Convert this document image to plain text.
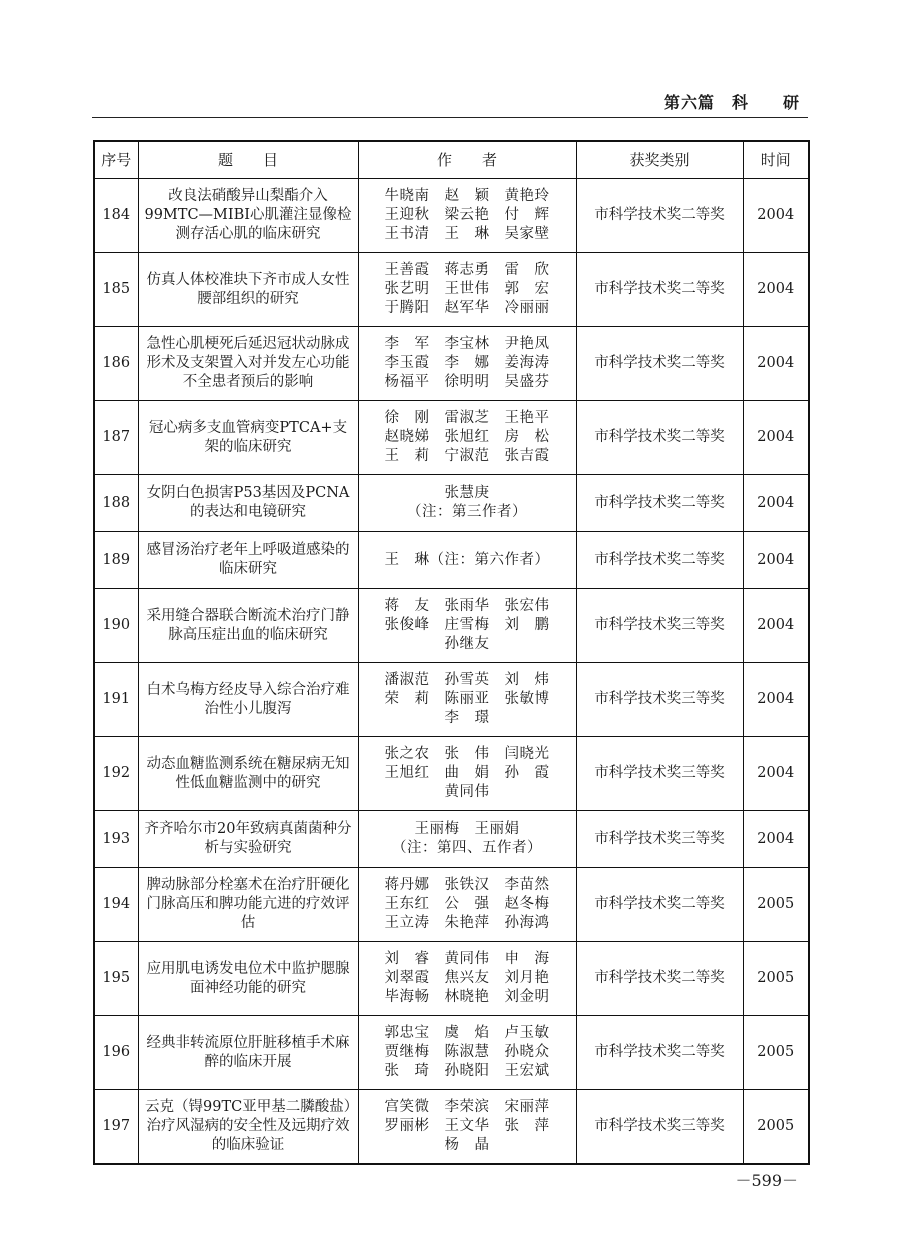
第六篇　科　　研
序号	题　　目	作　　者	获奖类别	时间
184	改良法硝酸异山梨酯介入99MTC—MIBI心肌灌注显像检测存活心肌的临床研究	牛晓南　赵　颖　黄艳玲
王迎秋　梁云艳　付　辉
王书清　王　琳　吴家壁	市科学技术奖二等奖	2004
185	仿真人体校准块下齐市成人女性腰部组织的研究	王善霞　蒋志勇　雷　欣
张艺明　王世伟　郭　宏
于腾阳　赵军华　冷丽丽	市科学技术奖二等奖	2004
186	急性心肌梗死后延迟冠状动脉成形术及支架置入对并发左心功能不全患者预后的影响	李　军　李宝林　尹艳凤
李玉霞　李　娜　姜海涛
杨福平　徐明明　吴盛芬	市科学技术奖二等奖	2004
187	冠心病多支血管病变PTCA+支架的临床研究	徐　刚　雷淑芝　王艳平
赵晓娣　张旭红　房　松
王　莉　宁淑范　张吉霞	市科学技术奖二等奖	2004
188	女阴白色损害P53基因及PCNA的表达和电镜研究	张慧庚
（注：第三作者）	市科学技术奖二等奖	2004
189	感冒汤治疗老年上呼吸道感染的临床研究	王　琳（注：第六作者）	市科学技术奖二等奖	2004
190	采用缝合器联合断流术治疗门静脉高压症出血的临床研究	蒋　友　张雨华　张宏伟
张俊峰　庄雪梅　刘　鹏
孙继友	市科学技术奖三等奖	2004
191	白术乌梅方经皮导入综合治疗难治性小儿腹泻	潘淑范　孙雪英　刘　炜
荣　莉　陈丽亚　张敏博
李　璟	市科学技术奖三等奖	2004
192	动态血糖监测系统在糖尿病无知性低血糖监测中的研究	张之农　张　伟　闫晓光
王旭红　曲　娟　孙　霞
黄同伟	市科学技术奖三等奖	2004
193	齐齐哈尔市20年致病真菌菌种分析与实验研究	王丽梅　王丽娟
（注：第四、五作者）	市科学技术奖三等奖	2004
194	脾动脉部分栓塞术在治疗肝硬化门脉高压和脾功能亢进的疗效评估	蒋丹娜　张铁汉　李苗然
王东红　公　强　赵冬梅
王立涛　朱艳萍　孙海鸿	市科学技术奖二等奖	2005
195	应用肌电诱发电位术中监护腮腺面神经功能的研究	刘　睿　黄同伟　申　海
刘翠霞　焦兴友　刘月艳
毕海畅　林晓艳　刘金明	市科学技术奖二等奖	2005
196	经典非转流原位肝脏移植手术麻醉的临床开展	郭忠宝　虞　焰　卢玉敏
贾继梅　陈淑慧　孙晓众
张　琦　孙晓阳　王宏斌	市科学技术奖二等奖	2005
197	云克（锝99TC亚甲基二膦酸盐）治疗风湿病的安全性及远期疗效的临床验证	宫笑微　李荣滨　宋丽萍
罗丽彬　王文华　张　萍
杨　晶	市科学技术奖三等奖	2005
－599－
